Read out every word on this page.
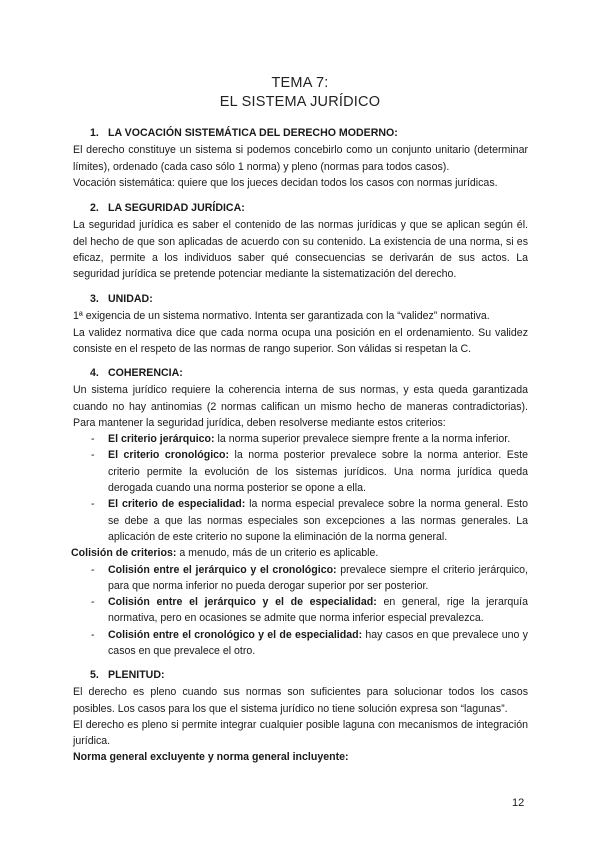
TEMA 7:
EL SISTEMA JURÍDICO

1. LA VOCACIÓN SISTEMÁTICA DEL DERECHO MODERNO:

El derecho constituye un sistema si podemos concebirlo como un conjunto unitario (determinar límites), ordenado (cada caso sólo 1 norma) y pleno (normas para todos casos).

Vocación sistemática: quiere que los jueces decidan todos los casos con normas jurídicas.

2. LA SEGURIDAD JURÍDICA:

La seguridad jurídica es saber el contenido de las normas jurídicas y que se aplican según él. del hecho de que son aplicadas de acuerdo con su contenido. La existencia de una norma, si es eficaz, permite a los individuos saber qué consecuencias se derivarán de sus actos. La seguridad jurídica se pretende potenciar mediante la sistematización del derecho.

3. UNIDAD:

1ª exigencia de un sistema normativo. Intenta ser garantizada con la “validez” normativa.

La validez normativa dice que cada norma ocupa una posición en el ordenamiento. Su validez consiste en el respeto de las normas de rango superior. Son válidas si respetan la C.

4. COHERENCIA:

Un sistema jurídico requiere la coherencia interna de sus normas, y esta queda garantizada cuando no hay antinomias (2 normas califican un mismo hecho de maneras contradictorias). Para mantener la seguridad jurídica, deben resolverse mediante estos criterios:

- El criterio jerárquico: la norma superior prevalece siempre frente a la norma inferior.
- El criterio cronológico: la norma posterior prevalece sobre la norma anterior. Este criterio permite la evolución de los sistemas jurídicos. Una norma jurídica queda derogada cuando una norma posterior se opone a ella.
- El criterio de especialidad: la norma especial prevalece sobre la norma general. Esto se debe a que las normas especiales son excepciones a las normas generales. La aplicación de este criterio no supone la eliminación de la norma general.

Colisión de criterios: a menudo, más de un criterio es aplicable.

- Colisión entre el jerárquico y el cronológico: prevalece siempre el criterio jerárquico, para que norma inferior no pueda derogar superior por ser posterior.
- Colisión entre el jerárquico y el de especialidad: en general, rige la jerarquía normativa, pero en ocasiones se admite que norma inferior especial prevalezca.
- Colisión entre el cronológico y el de especialidad: hay casos en que prevalece uno y casos en que prevalece el otro.

5. PLENITUD:

El derecho es pleno cuando sus normas son suficientes para solucionar todos los casos posibles. Los casos para los que el sistema jurídico no tiene solución expresa son “lagunas”.

El derecho es pleno si permite integrar cualquier posible laguna con mecanismos de integración jurídica.

Norma general excluyente y norma general incluyente:

12
